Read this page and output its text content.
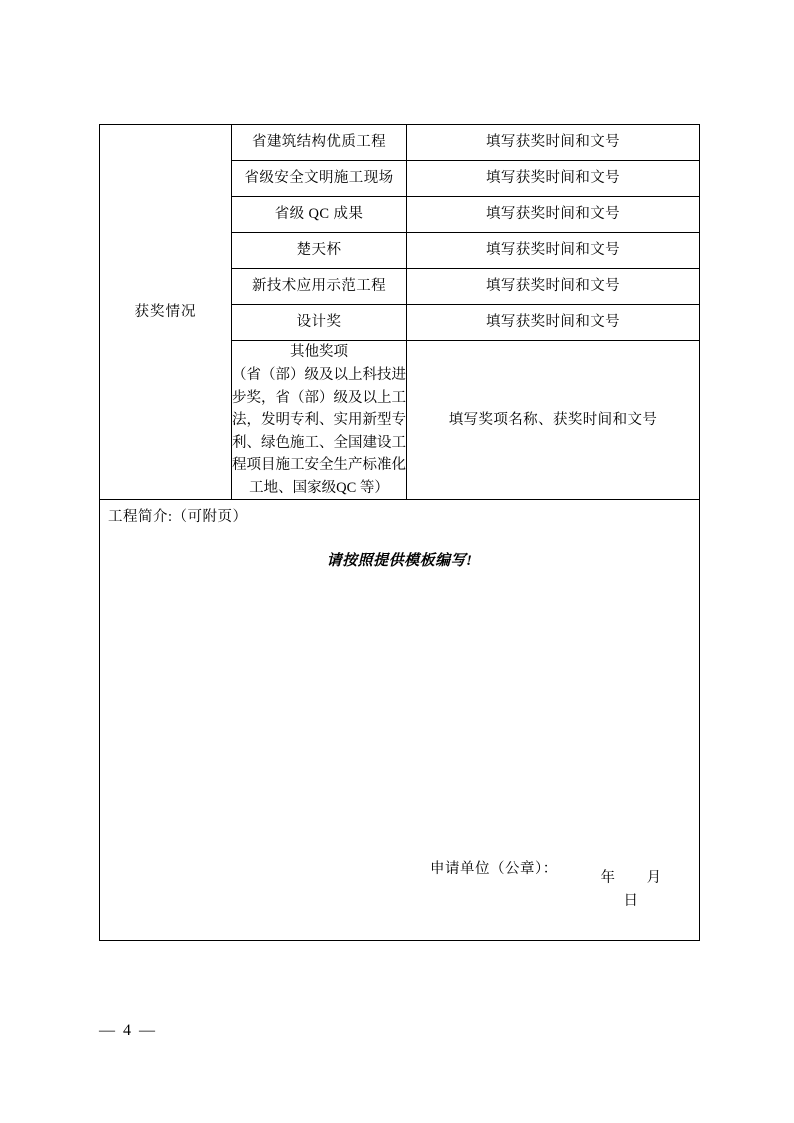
获奖情况	省建筑结构优质工程	填写获奖时间和文号
	省级安全文明施工现场	填写获奖时间和文号
	省级 QC 成果	填写获奖时间和文号
	楚天杯	填写获奖时间和文号
	新技术应用示范工程	填写获奖时间和文号
	设计奖	填写获奖时间和文号

	其他奖项
（省（部）级及以上科技进步奖，省（部）级及以上工法，发明专利、实用新型专利、绿色施工、全国建设工程项目施工安全生产标准化工地、国家级QC 等）	填写奖项名称、获奖时间和文号

工程简介:（可附页）
请按照提供模板编写!
申请单位（公章）：
年 月 日		
— 4 —
